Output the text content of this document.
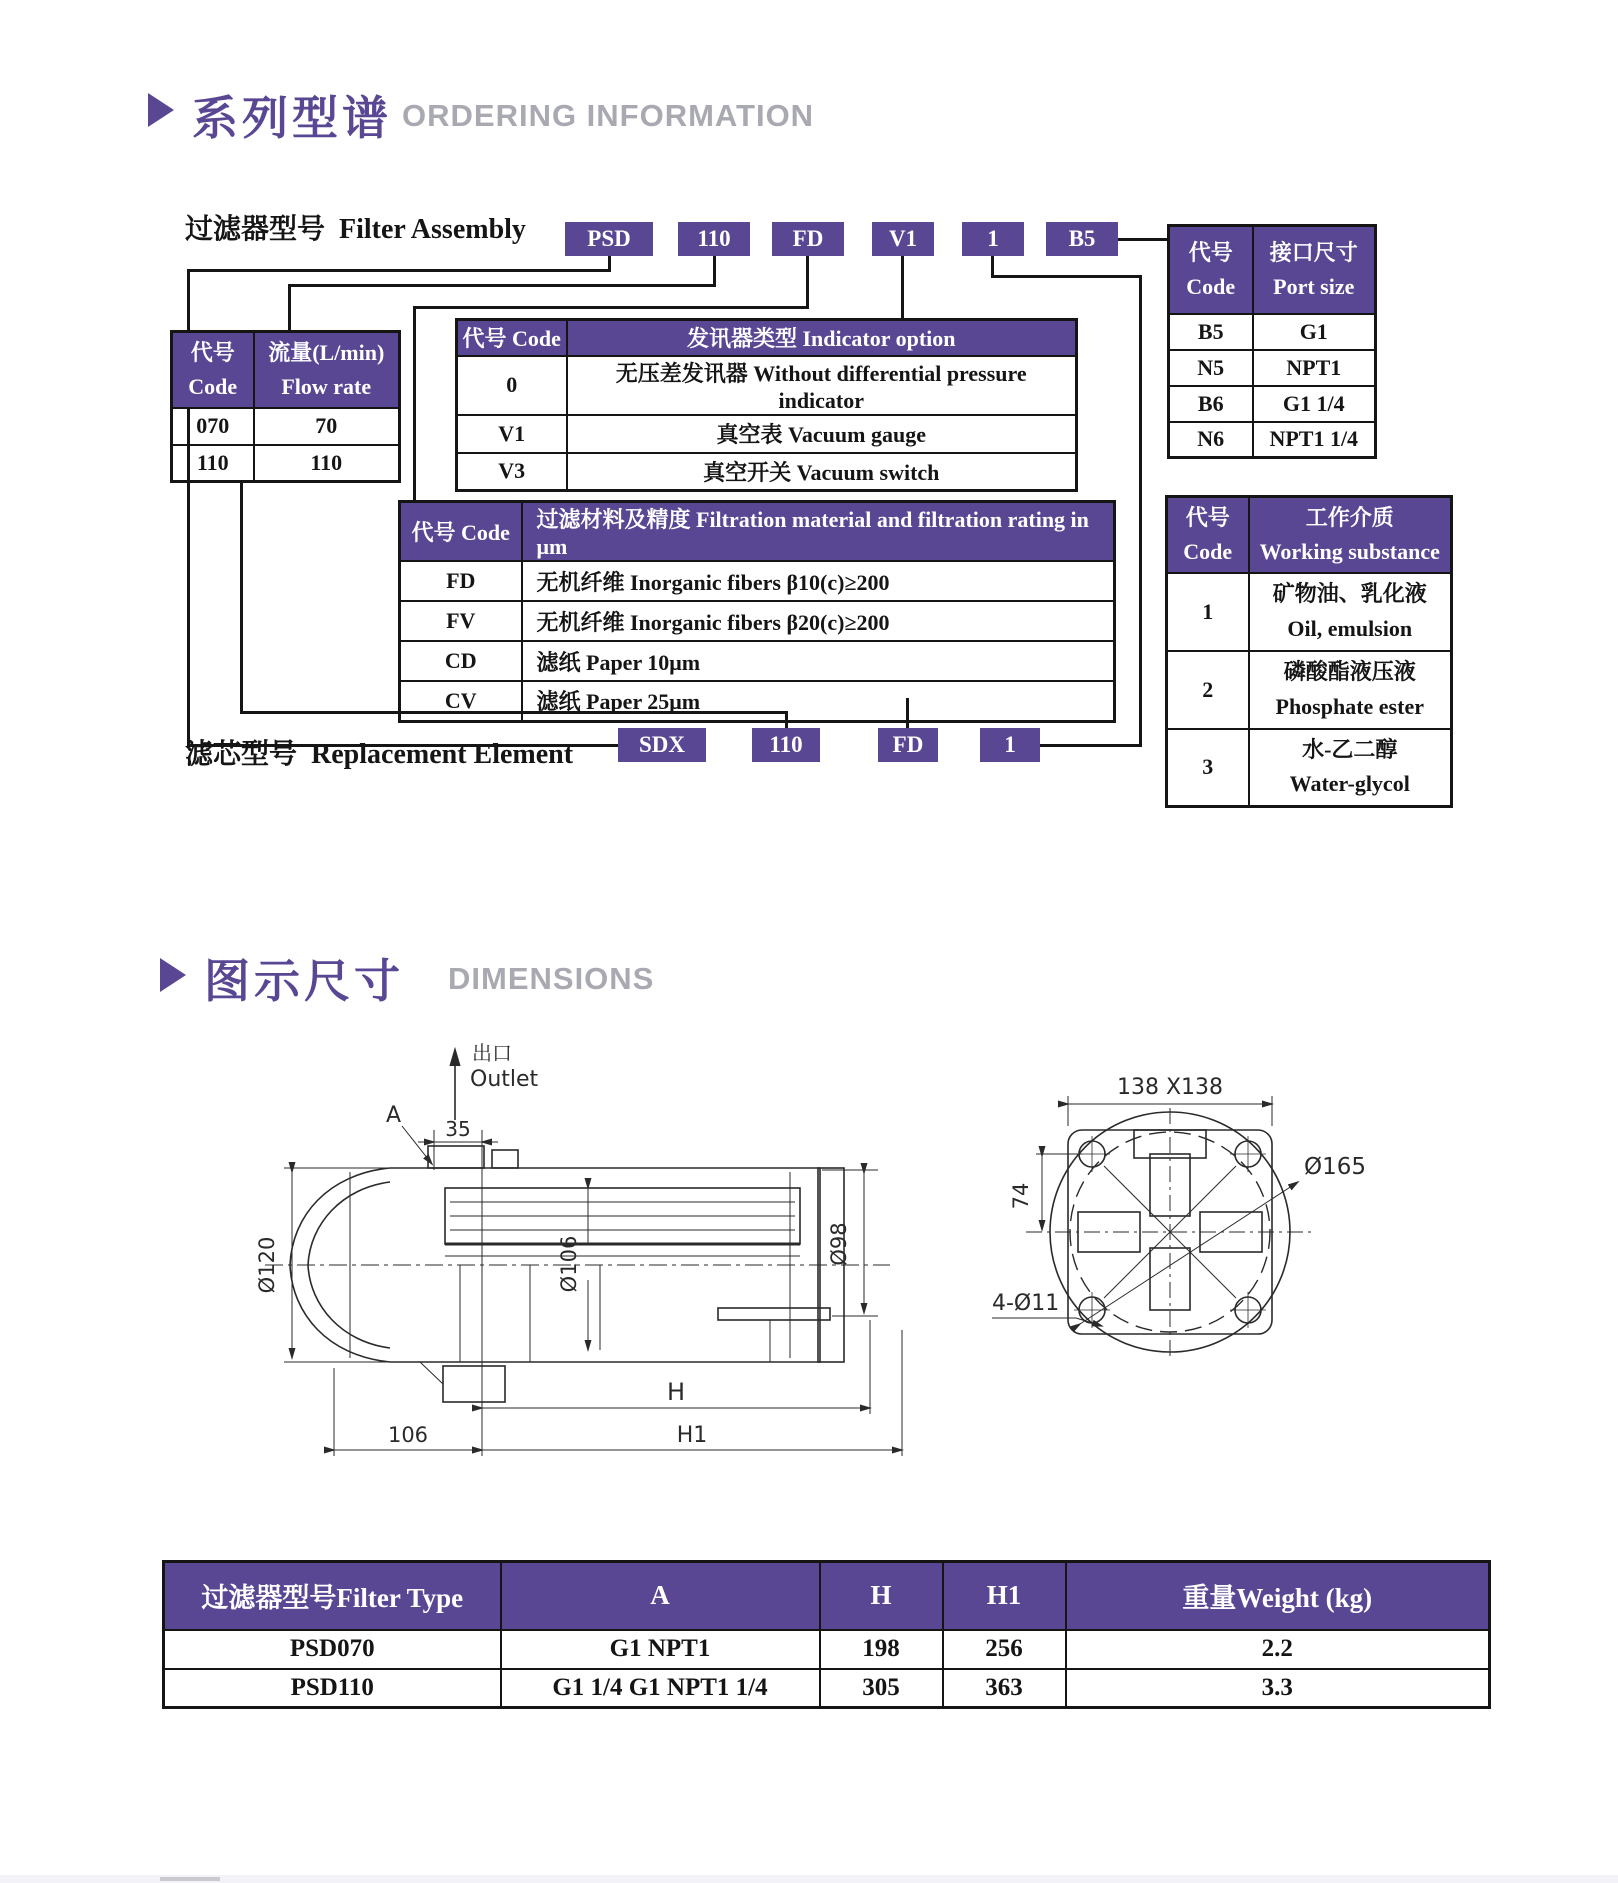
系列型谱 ORDERING INFORMATION
过滤器型号 Filter Assembly	PSD	110	FD	V1	1	B5
代号
Code

流量(L/min)
Flow rate

070	70
110	110
代号 Code	发讯器类型 Indicator option
0	无压差发讯器 Without differential pressure indicator
V1	真空表 Vacuum gauge
V3	真空开关 Vacuum switch
代号
Code

接口尺寸
Port size

B5	G1
N5	NPT1
B6	G1 1/4
N6	NPT1 1/4
代号 Code	过滤材料及精度 Filtration material and filtration rating in μm
FD	无机纤维 Inorganic fibers β10(c)≥200
FV	无机纤维 Inorganic fibers β20(c)≥200
CD	滤纸 Paper 10μm
CV	滤纸 Paper 25μm
代号
Code

工作介质
Working substance

1	矿物油、乳化液
Oil, emulsion

2	磷酸酯液压液
Phosphate ester

3	水-乙二醇
Water-glycol
滤芯型号 Replacement Element	SDX	110	FD	1
图示尺寸 DIMENSIONS
出口
Outlet
A
35
Ø120	Ø106	Ø98
H
106	H1
138 X138
74
Ø165
4-Ø11
过滤器型号Filter Type	A	H	H1	重量Weight (kg)
PSD070	G1 NPT1	198	256	2.2
PSD110	G1 1/4 G1 NPT1 1/4	305	363	3.3
